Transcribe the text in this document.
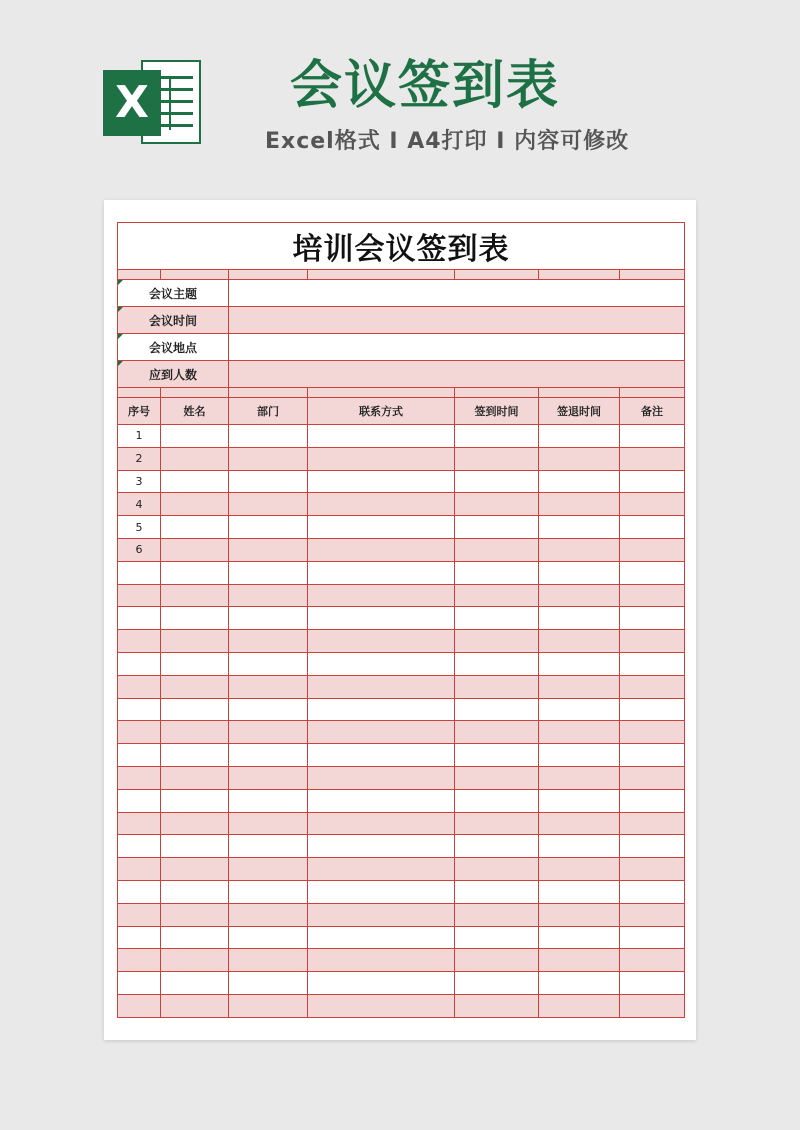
X	会议签到表
Excel格式 I A4打印 I 内容可修改
培训会议签到表						

会议主题						
会议时间						
会议地点						
应到人数						

序号	姓名	部门	联系方式	签到时间	签退时间	备注
1						
2						
3						
4						
5						
6						
